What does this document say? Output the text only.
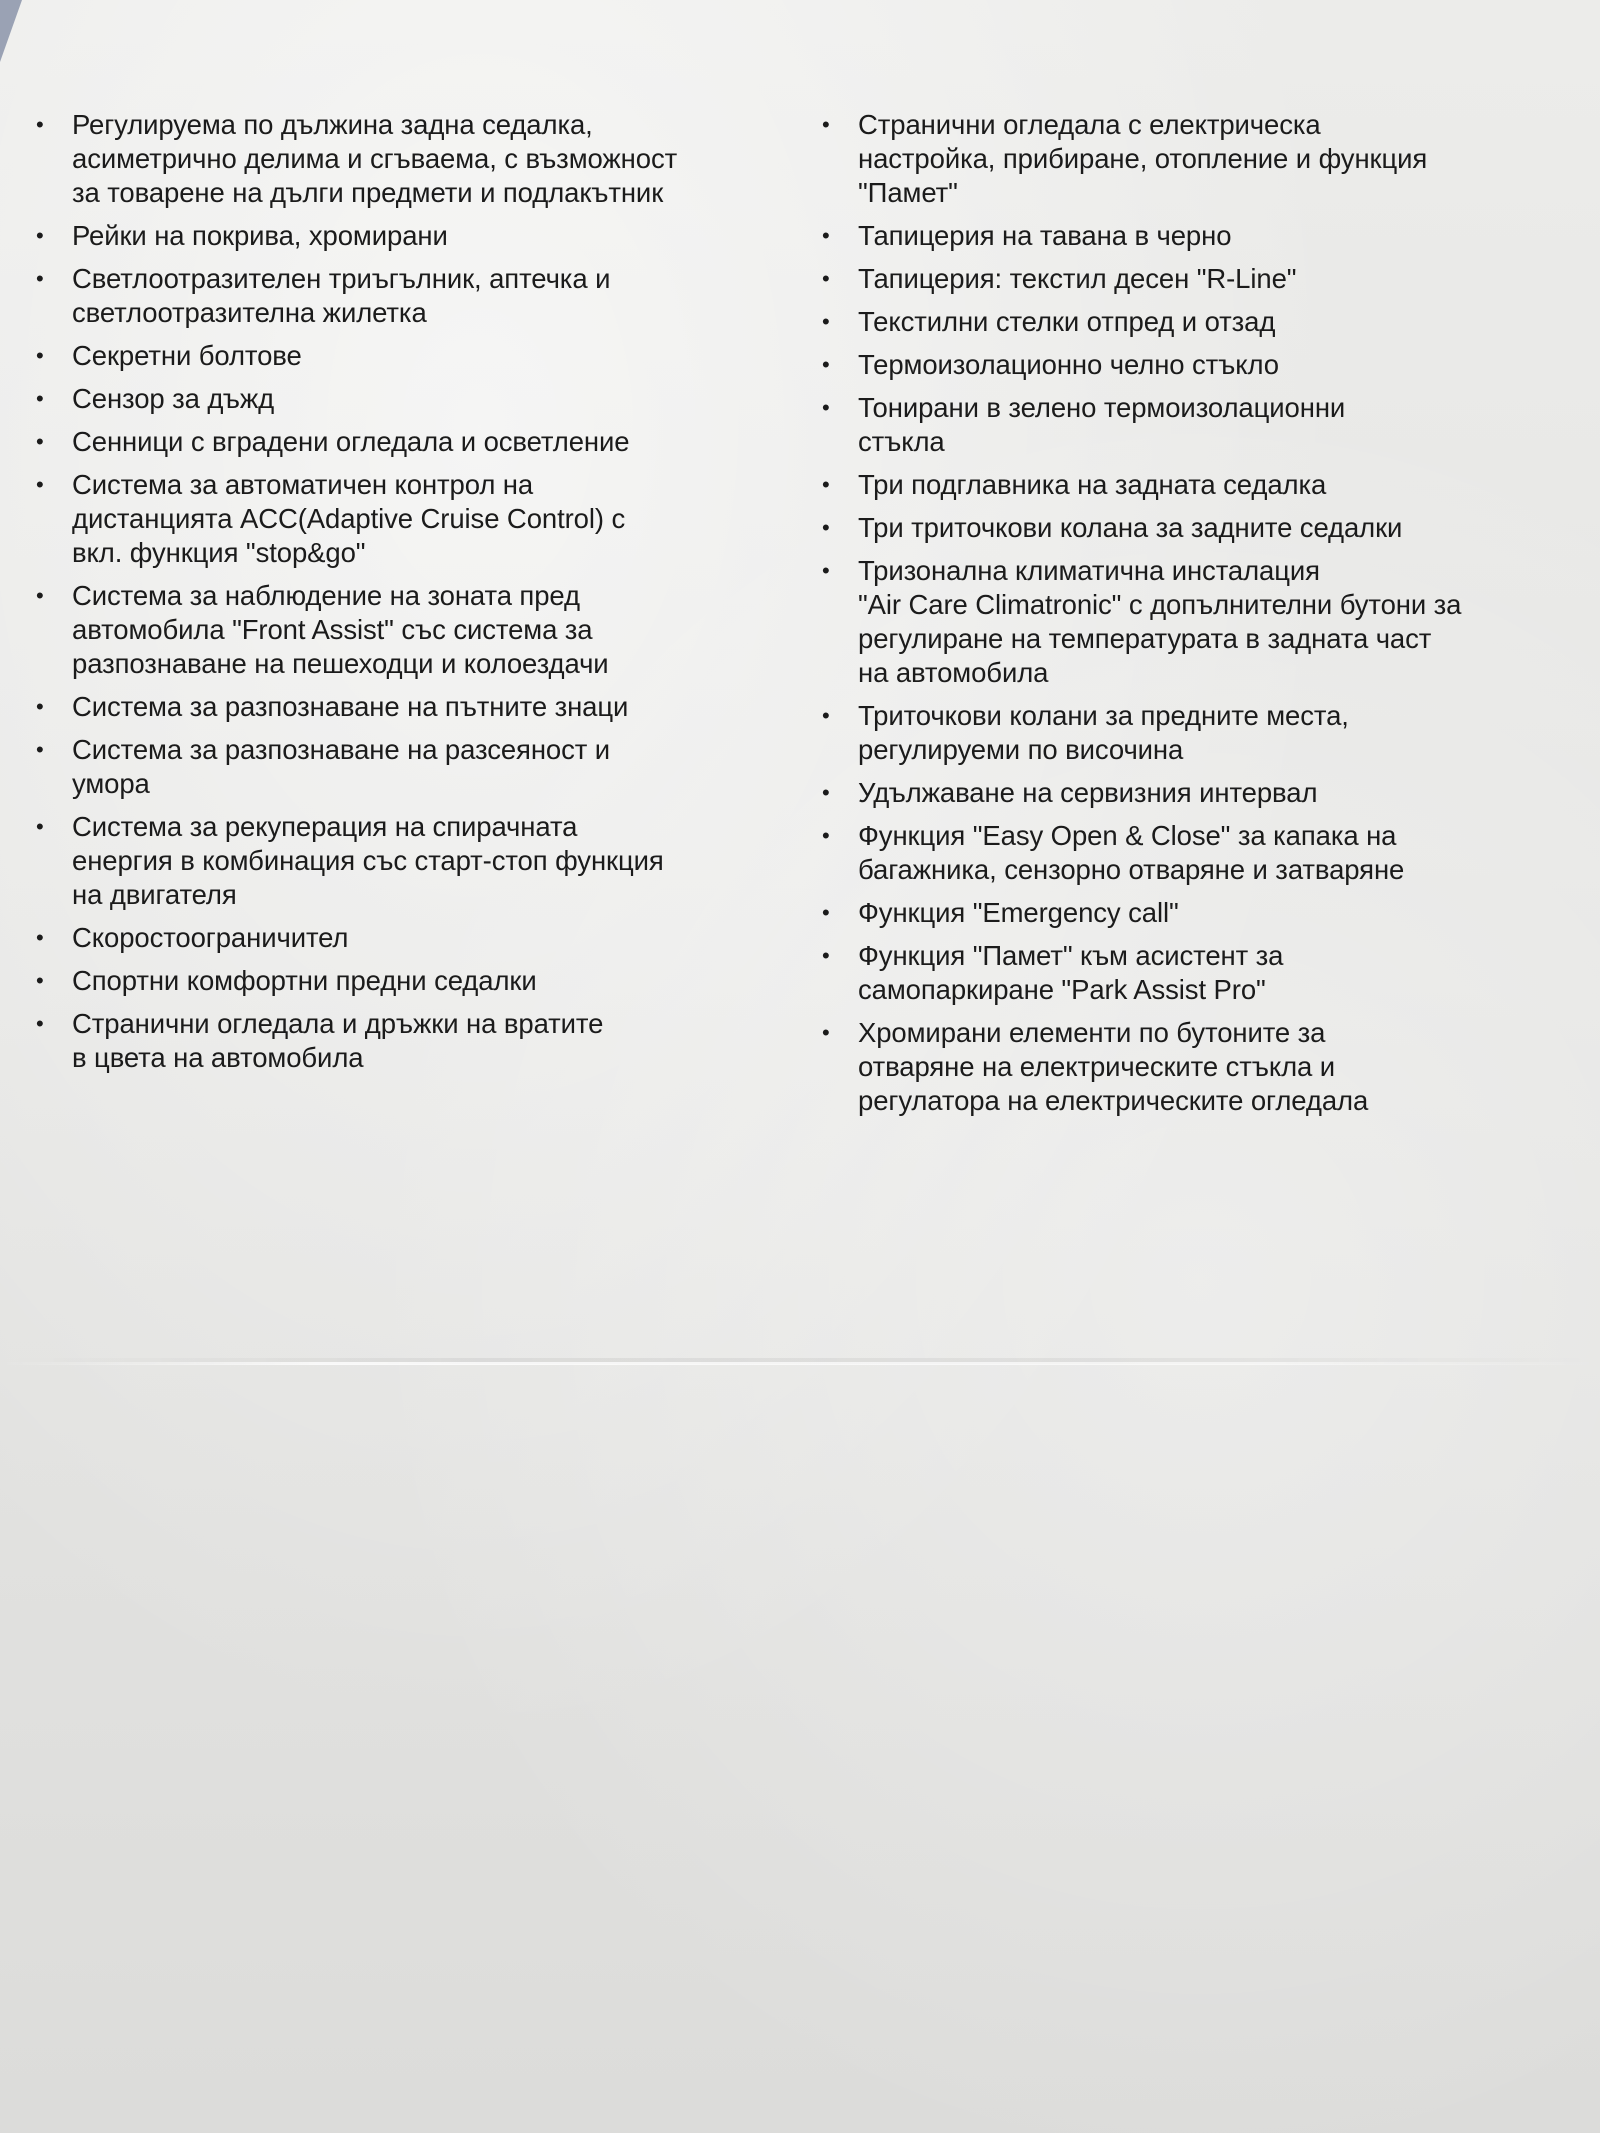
•	Регулируема по дължина задна седалка,
асиметрично делима и сгъваема, с възможност
за товарене на дълги предмети и подлакътник
•	Рейки на покрива, хромирани
•	Светлоотразителен триъгълник, аптечка и
светлоотразителна жилетка
•	Секретни болтове
•	Сензор за дъжд
•	Сенници с вградени огледала и осветление
•	Система за автоматичен контрол на
дистанцията ACC(Adaptive Cruise Control) с
вкл. функция "stop&go"
•	Система за наблюдение на зоната пред
автомобила "Front Assist" със система за
разпознаване на пешеходци и колоездачи
•	Система за разпознаване на пътните знаци
•	Система за разпознаване на разсеяност и
умора
•	Система за рекуперация на спирачната
енергия в комбинация със старт-стоп функция
на двигателя
•	Скоростоограничител
•	Спортни комфортни предни седалки
•	Странични огледала и дръжки на вратите
в цвета на автомобила
•	Странични огледала с електрическа
настройка, прибиране, отопление и функция
"Памет"
•	Тапицерия на тавана в черно
•	Тапицерия: текстил десен "R-Line"
•	Текстилни стелки отпред и отзад
•	Термоизолационно челно стъкло
•	Тонирани в зелено термоизолационни
стъкла
•	Три подглавника на задната седалка
•	Три триточкови колана за задните седалки
•	Тризонална климатична инсталация
"Air Care Climatronic" с допълнителни бутони за
регулиране на температурата в задната част
на автомобила
•	Триточкови колани за предните места,
регулируеми по височина
•	Удължаване на сервизния интервал
•	Функция "Easy Open & Close" за капака на
багажника, сензорно отваряне и затваряне
•	Функция "Emergency call"
•	Функция "Памет" към асистент за
самопаркиране "Park Assist Pro"
•	Хромирани елементи по бутоните за
отваряне на електрическите стъкла и
регулатора на електрическите огледала
